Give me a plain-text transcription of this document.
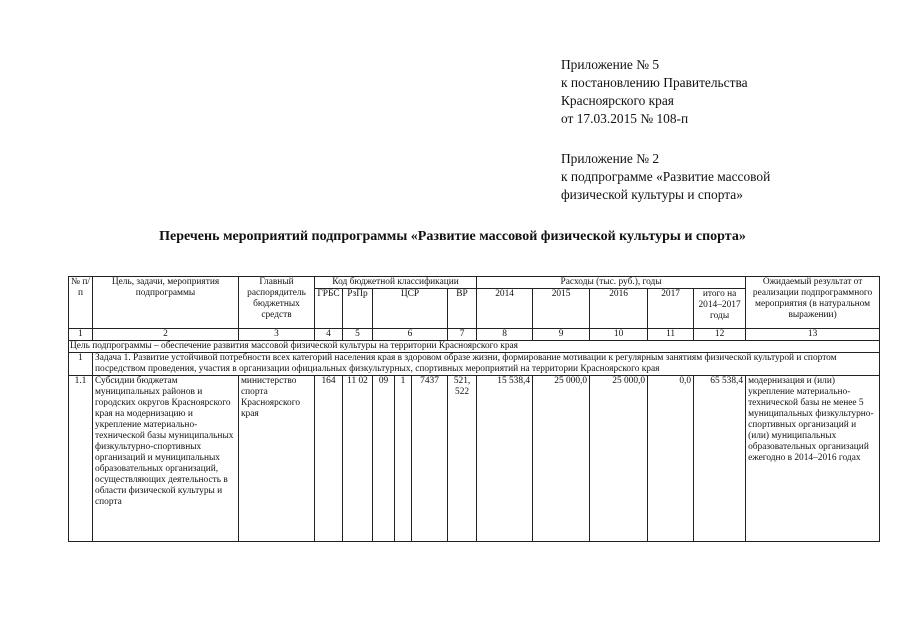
Приложение № 5
к постановлению Правительства
Красноярского края
от 17.03.2015 № 108-п
Приложение № 2
к подпрограмме «Развитие массовой
физической культуры и спорта»
Перечень мероприятий подпрограммы «Развитие массовой физической культуры и спорта»
№ п/п	Цель, задачи, мероприятия подпрограммы	Главный распорядитель бюджетных средств	Код бюджетной классификации						Расходы (тыс. руб.), годы					Ожидаемый результат от реализации подпрограммного мероприятия (в натуральном выражении)
			ГРБС	РзПр	ЦСР			ВР	2014	2015	2016	2017	итого на 2014–2017 годы	
1	2	3	4	5	6			7	8	9	10	11	12	13
Цель подпрограммы – обеспечение развития массовой физической культуры на территории Красноярского края														
1	Задача 1. Развитие устойчивой потребности всех категорий населения края в здоровом образе жизни, формирование мотивации к регулярным занятиям физической культурой и спортом посредством проведения, участия в организации официальных физкультурных, спортивных мероприятий на территории Красноярского края													
1.1	Субсидии бюджетам муниципальных районов и городских округов Красноярского края на модернизацию и укрепление материально-технической базы муниципальных физкультурно-спортивных организаций и муниципальных образовательных организаций, осуществляющих деятельность в области физической культуры и спорта	министерство спорта Красноярского края	164	11 02	09	1	7437	521, 522	15 538,4	25 000,0	25 000,0	0,0	65 538,4	модернизация и (или) укрепление материально-технической базы не менее 5 муниципальных физкультурно-спортивных организаций и (или) муниципальных образовательных организаций ежегодно в 2014–2016 годах
